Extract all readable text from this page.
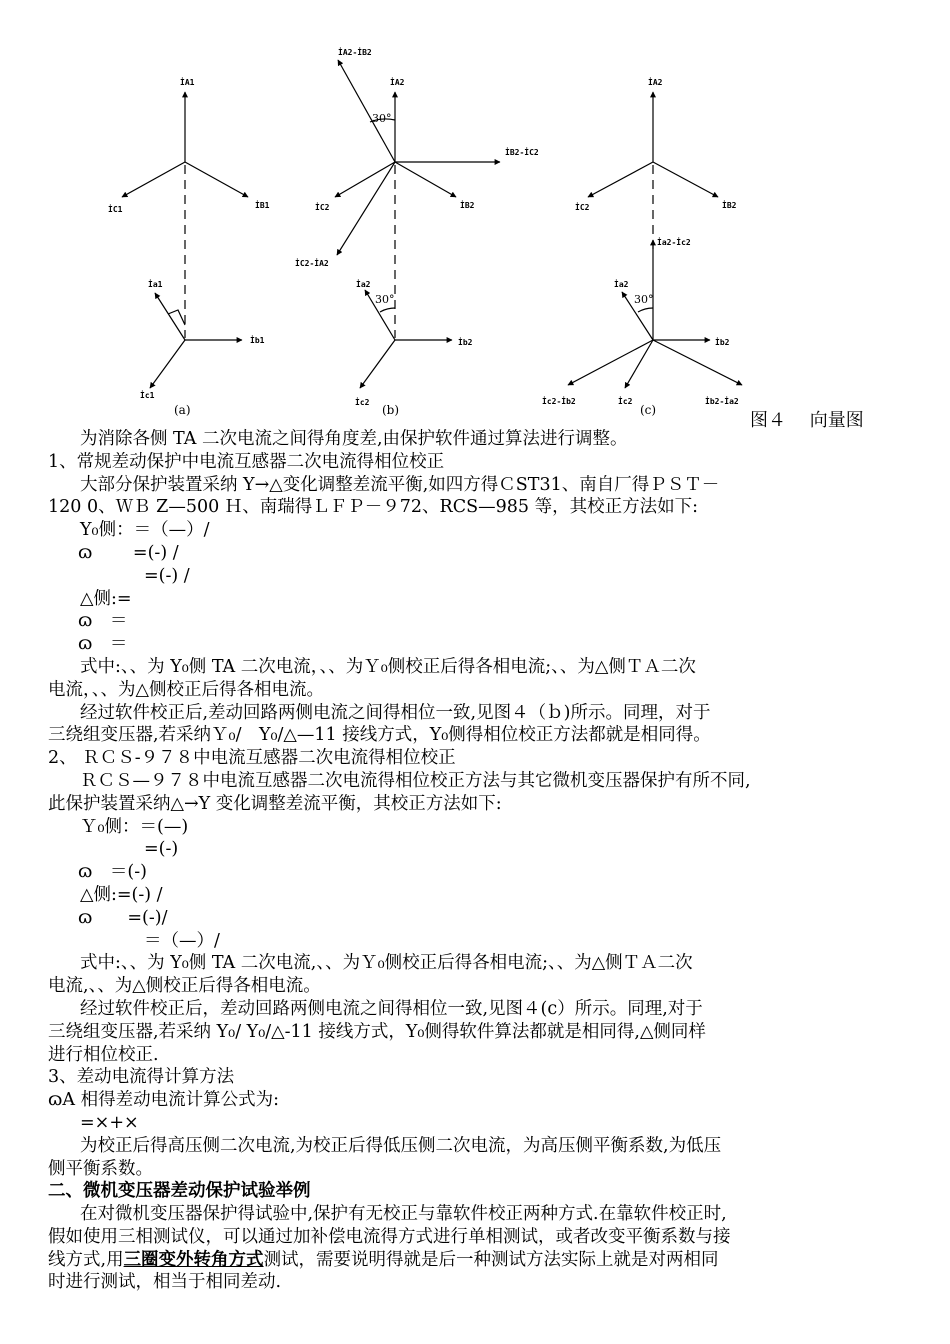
İA1
İC1	İB1
İa1
İb1
İc1
İA2
İC2	İB2
İA2-İB2
İB2-İC2
İC2-İA2
İa2
İb2
İc2
İA2
İC2	İB2
İa2-İc2
İa2
İb2
İc2
İc2-İb2	İb2-İa2
(a)	(b)	(c)
30°
30°	30°
图４　 向量图

为消除各侧 TA 二次电流之间得角度差,由保护软件通过算法进行调整。

1、常规差动保护中电流互感器二次电流得相位校正

大部分保护装置采纳 Y→△变化调整差流平衡,如四方得ＣST31、南自厂得ＰＳＴ－

120 0、ＷＢ Z—500 Ｈ、南瑞得ＬＦＰ－９72、RCS—985 等，其校正方法如下:

Y₀侧：＝（—）/

ɷ　　 =(-) /

=(-) /

△侧:=

ɷ　＝

ɷ　＝

式中:、、为 Y₀侧 TA 二次电流，、、为Ｙ₀侧校正后得各相电流;、、为△侧ＴＡ二次

电流，、、为△侧校正后得各相电流。

经过软件校正后,差动回路两侧电流之间得相位一致,见图４（ｂ)所示。同理，对于

三绕组变压器,若采纳Ｙ₀/　Y₀/△—11 接线方式，Y₀侧得相位校正方法都就是相同得。

2、 ＲＣＳ-９７８中电流互感器二次电流得相位校正

ＲＣＳ—９７８中电流互感器二次电流得相位校正方法与其它微机变压器保护有所不同,

此保护装置采纳△→Y 变化调整差流平衡，其校正方法如下:

Ｙ₀侧：＝(—)

=(-)

ɷ　＝(-)

△侧:=(-) /

ɷ　　=(-)/

＝（—）/

式中:、、为 Y₀侧 TA 二次电流,、、为Ｙ₀侧校正后得各相电流;、、为△侧ＴＡ二次

电流,、、为△侧校正后得各相电流。

经过软件校正后，差动回路两侧电流之间得相位一致,见图４(c）所示。同理,对于

三绕组变压器,若采纳 Y₀/ Y₀/△-11 接线方式，Y₀侧得软件算法都就是相同得,△侧同样

进行相位校正.

3、差动电流得计算方法

ɷA 相得差动电流计算公式为:

=×+×

为校正后得高压侧二次电流,为校正后得低压侧二次电流，为高压侧平衡系数,为低压

侧平衡系数。

二、微机变压器差动保护试验举例

在对微机变压器保护得试验中,保护有无校正与靠软件校正两种方式.在靠软件校正时,

假如使用三相测试仪，可以通过加补偿电流得方式进行单相测试，或者改变平衡系数与接

线方式,用三圈变外转角方式测试，需要说明得就是后一种测试方法实际上就是对两相同

时进行测试，相当于相同差动.
